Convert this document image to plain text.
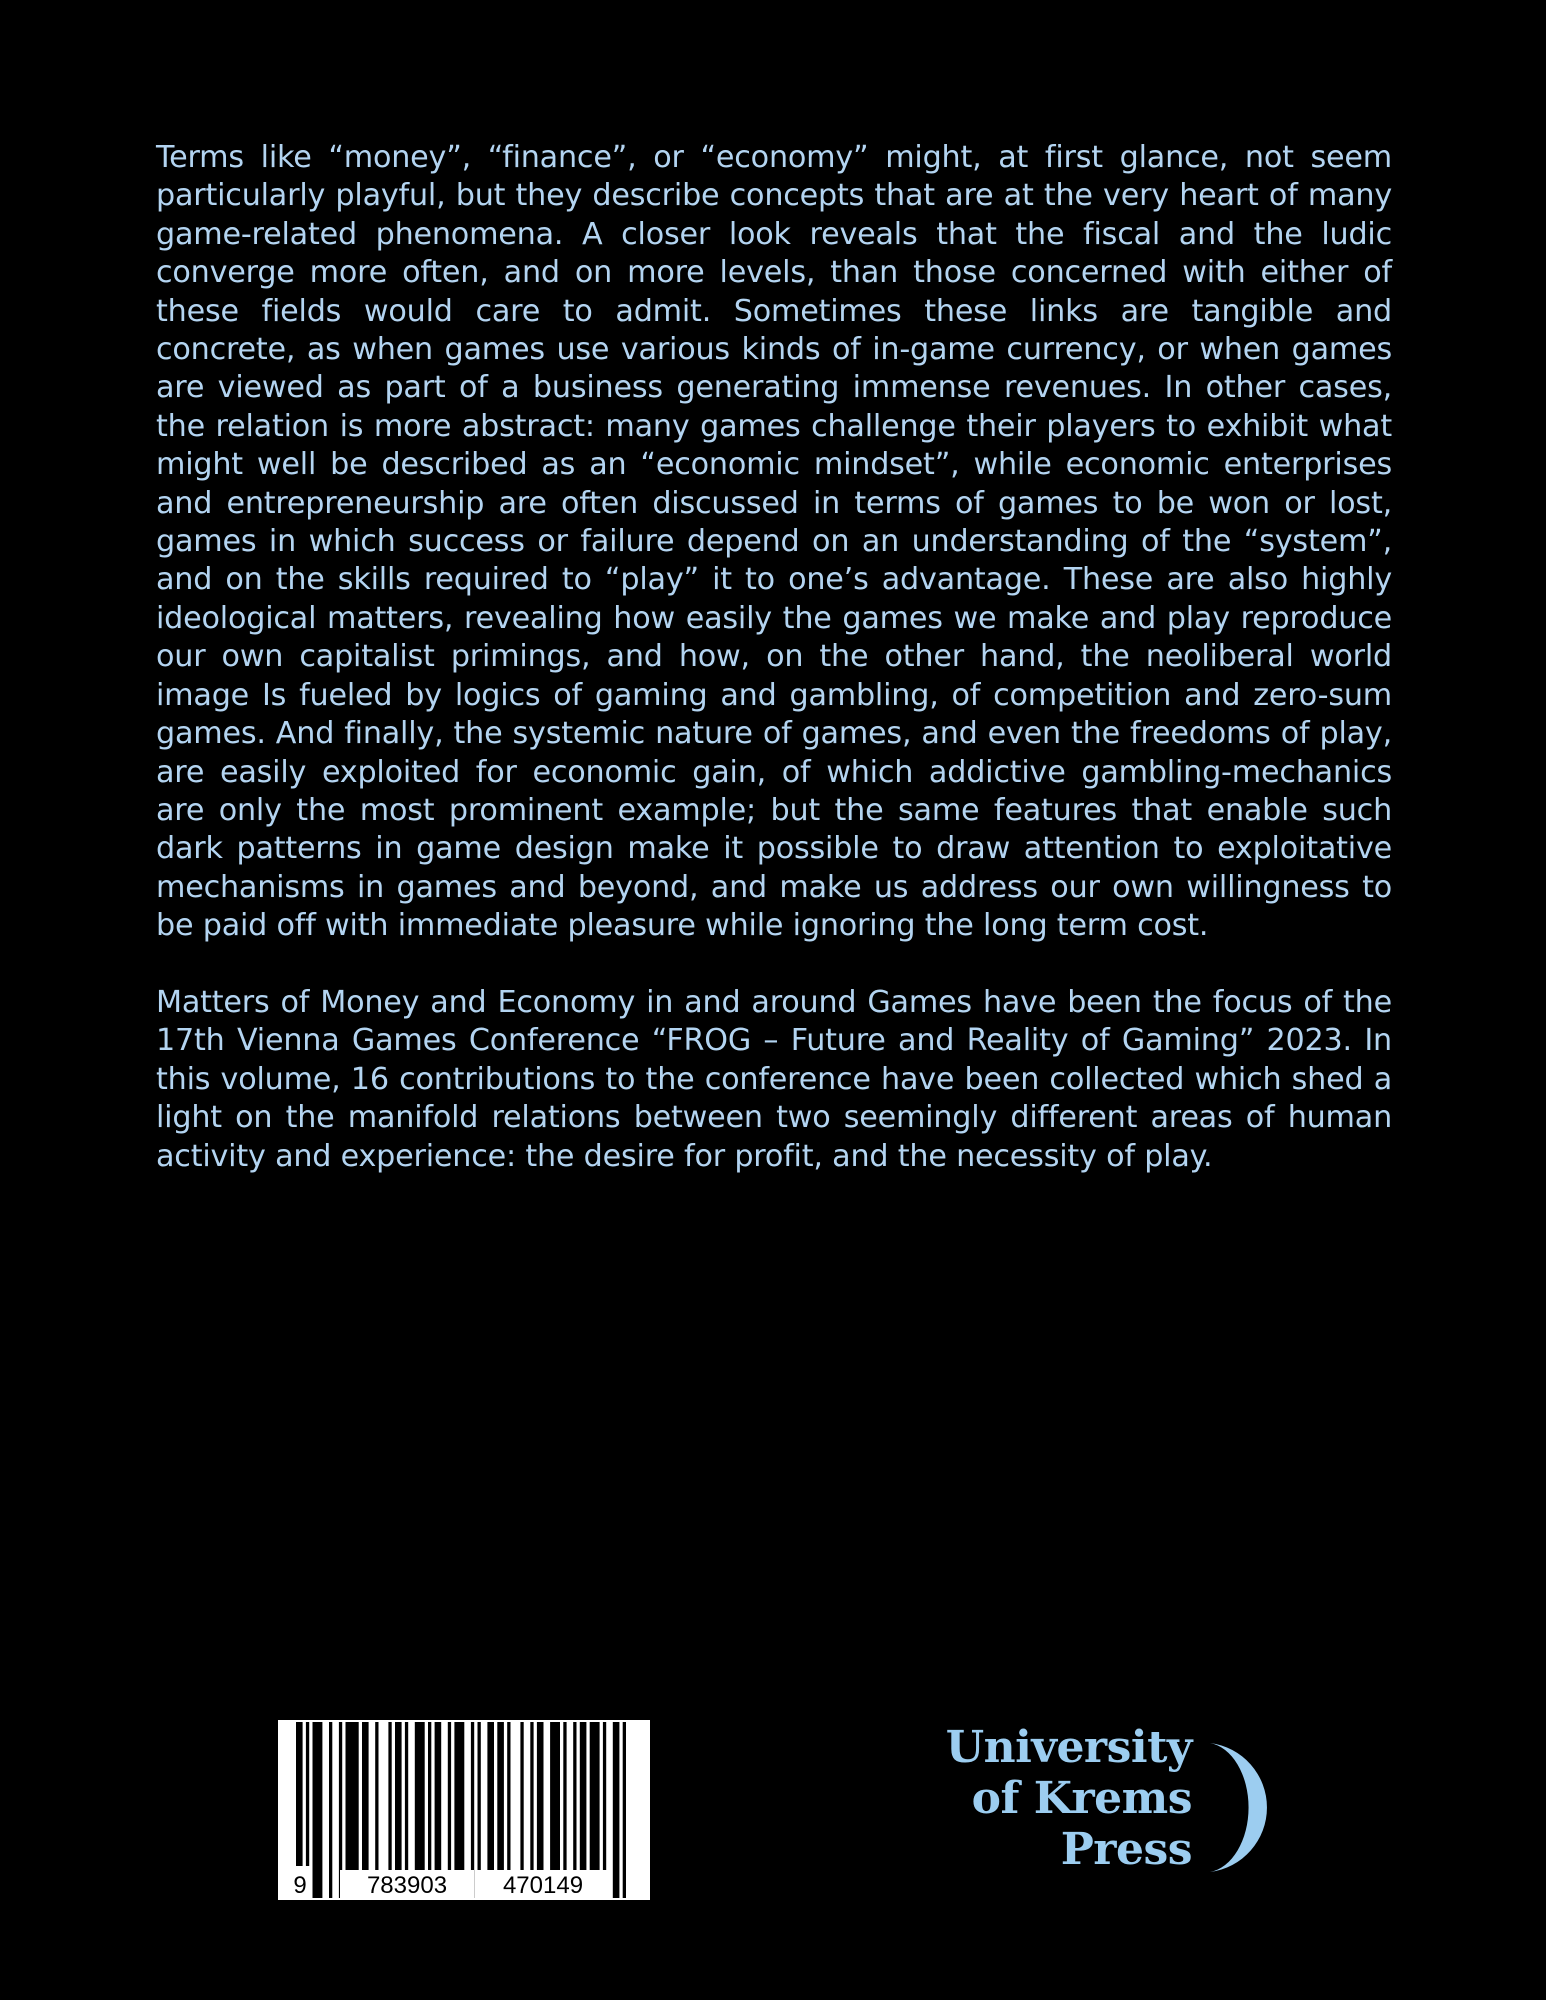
Terms like “money”, “finance”, or “economy” might, at first glance, not seem particularly playful, but they describe concepts that are at the very heart of many game-related phenomena. A closer look reveals that the fiscal and the ludic converge more often, and on more levels, than those concerned with either of these fields would care to admit. Sometimes these links are tangible and concrete, as when games use various kinds of in-game currency, or when games are viewed as part of a business generating immense revenues. In other cases, the relation is more abstract: many games challenge their players to exhibit what might well be described as an “economic mindset”, while economic enterprises and entrepreneurship are often discussed in terms of games to be won or lost, games in which success or failure depend on an understanding of the “system”, and on the skills required to “play” it to one’s advantage. These are also highly ideological matters, revealing how easily the games we make and play reproduce our own capitalist primings, and how, on the other hand, the neoliberal world image Is fueled by logics of gaming and gambling, of competition and zero-sum games. And finally, the systemic nature of games, and even the freedoms of play, are easily exploited for economic gain, of which addictive gambling-mechanics are only the most prominent example; but the same features that enable such dark patterns in game design make it possible to draw attention to exploitative mechanisms in games and beyond, and make us address our own willingness to be paid off with immediate pleasure while ignoring the long term cost.

Matters of Money and Economy in and around Games have been the focus of the 17th Vienna Games Conference “FROG – Future and Reality of Gaming” 2023. In this volume, 16 contributions to the conference have been collected which shed a light on the manifold relations between two seemingly different areas of human activity and experience: the desire for profit, and the necessity of play.

9	783903 470149
University
of Krems
Press
